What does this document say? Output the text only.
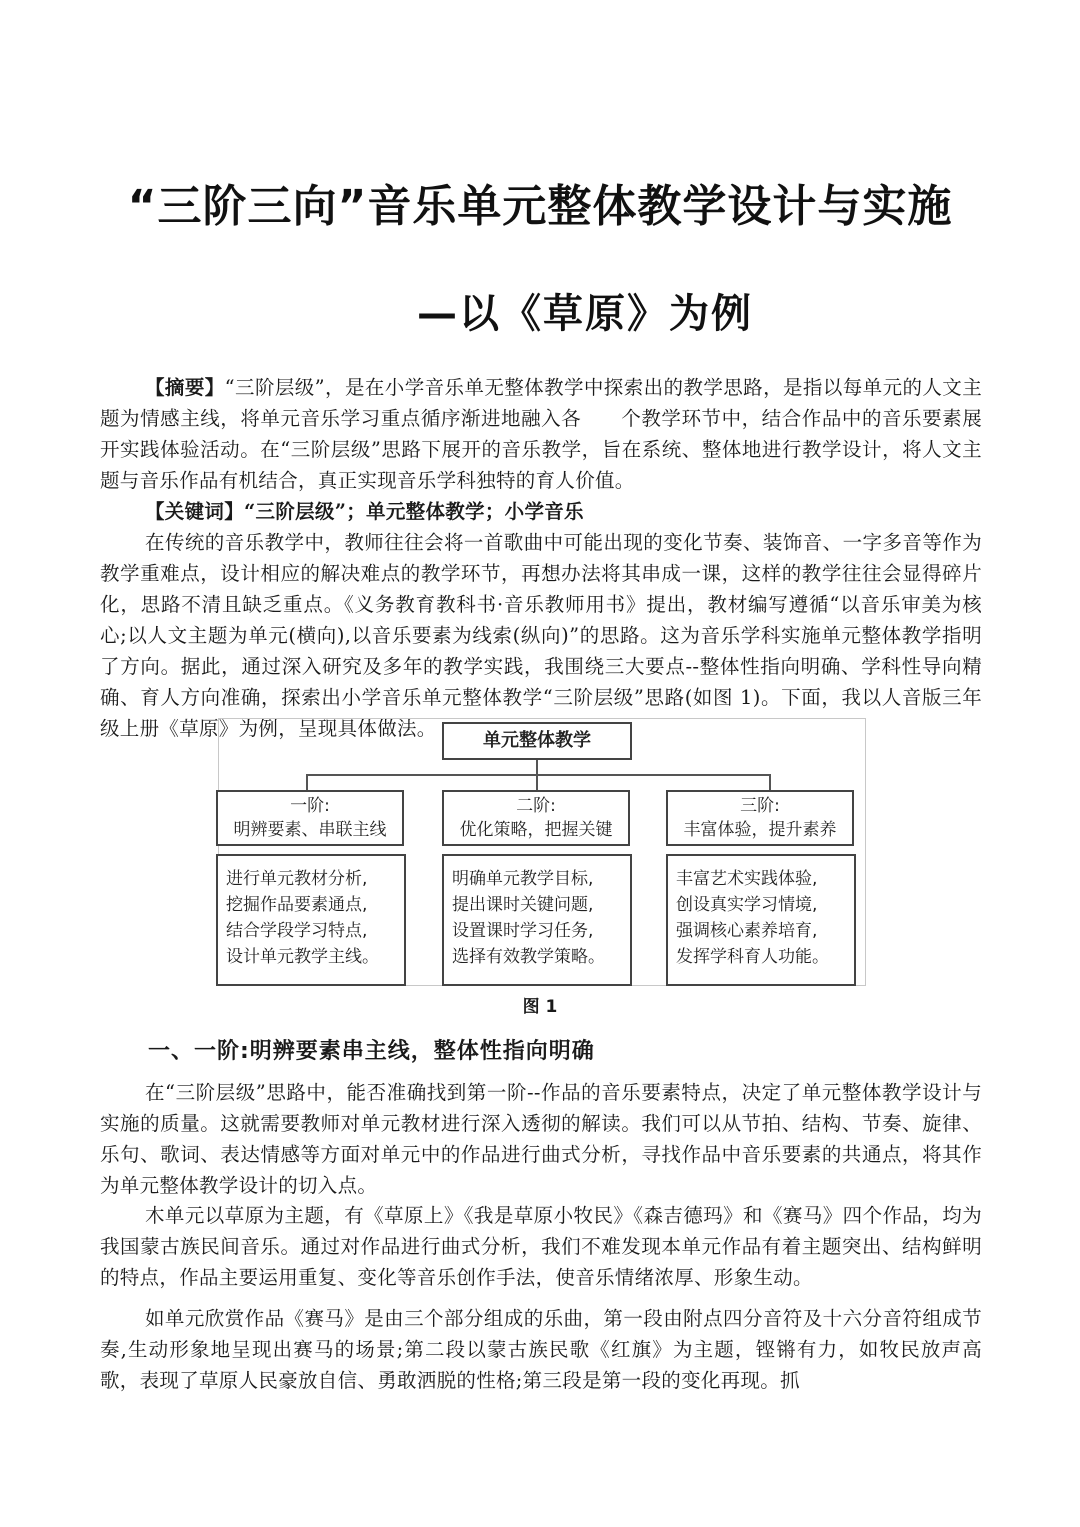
“三阶三向”音乐单元整体教学设计与实施
—以《草原》为例

【摘要】“三阶层级”，是在小学音乐单无整体教学中探索出的教学思路，是指以每单元的人文主题为情感主线，将单元音乐学习重点循序渐进地融入各　　个教学环节中，结合作品中的音乐要素展开实践体验活动。在“三阶层级”思路下展开的音乐教学，旨在系统、整体地进行教学设计，将人文主题与音乐作品有机结合，真正实现音乐学科独特的育人价值。

【关键词】“三阶层级”；单元整体教学；小学音乐

在传统的音乐教学中，教师往往会将一首歌曲中可能出现的变化节奏、装饰音、一字多音等作为教学重难点，设计相应的解决难点的教学环节，再想办法将其串成一课，这样的教学往往会显得碎片化，思路不清且缺乏重点。《义务教育教科书·音乐教师用书》提出，教材编写遵循“以音乐审美为核心;以人文主题为单元(横向),以音乐要素为线索(纵向)”的思路。这为音乐学科实施单元整体教学指明了方向。据此，通过深入研究及多年的教学实践，我围绕三大要点--整体性指向明确、学科性导向精确、育人方向准确，探索出小学音乐单元整体教学“三阶层级”思路(如图 1)。下面，我以人音版三年级上册《草原》为例，呈现具体做法。

单元整体教学
一阶:
明辨要素、串联主线
二阶:
优化策略，把握关键
三阶:
丰富体验，提升素养
进行单元教材分析,
挖掘作品要素通点,
结合学段学习特点,
设计单元教学主线。
明确单元教学目标,
提出课时关键问题,
设置课时学习任务,
选择有效教学策略。
丰富艺术实践体验,
创设真实学习情境,
强调核心素养培育,
发挥学科育人功能。
图 1
一、一阶:明辨要素串主线，整体性指向明确

在“三阶层级”思路中，能否准确找到第一阶--作品的音乐要素特点，决定了单元整体教学设计与实施的质量。这就需要教师对单元教材进行深入透彻的解读。我们可以从节拍、结构、节奏、旋律、乐句、歌词、表达情感等方面对单元中的作品进行曲式分析，寻找作品中音乐要素的共通点，将其作为单元整体教学设计的切入点。

木单元以草原为主题，有《草原上》《我是草原小牧民》《森吉德玛》和《赛马》四个作品，均为我国蒙古族民间音乐。通过对作品进行曲式分析，我们不难发现本单元作品有着主题突出、结构鲜明的特点，作品主要运用重复、变化等音乐创作手法，使音乐情绪浓厚、形象生动。

如单元欣赏作品《赛马》是由三个部分组成的乐曲，第一段由附点四分音符及十六分音符组成节奏,生动形象地呈现出赛马的场景;第二段以蒙古族民歌《红旗》为主题，铿锵有力，如牧民放声高歌，表现了草原人民豪放自信、勇敢洒脱的性格;第三段是第一段的变化再现。抓
